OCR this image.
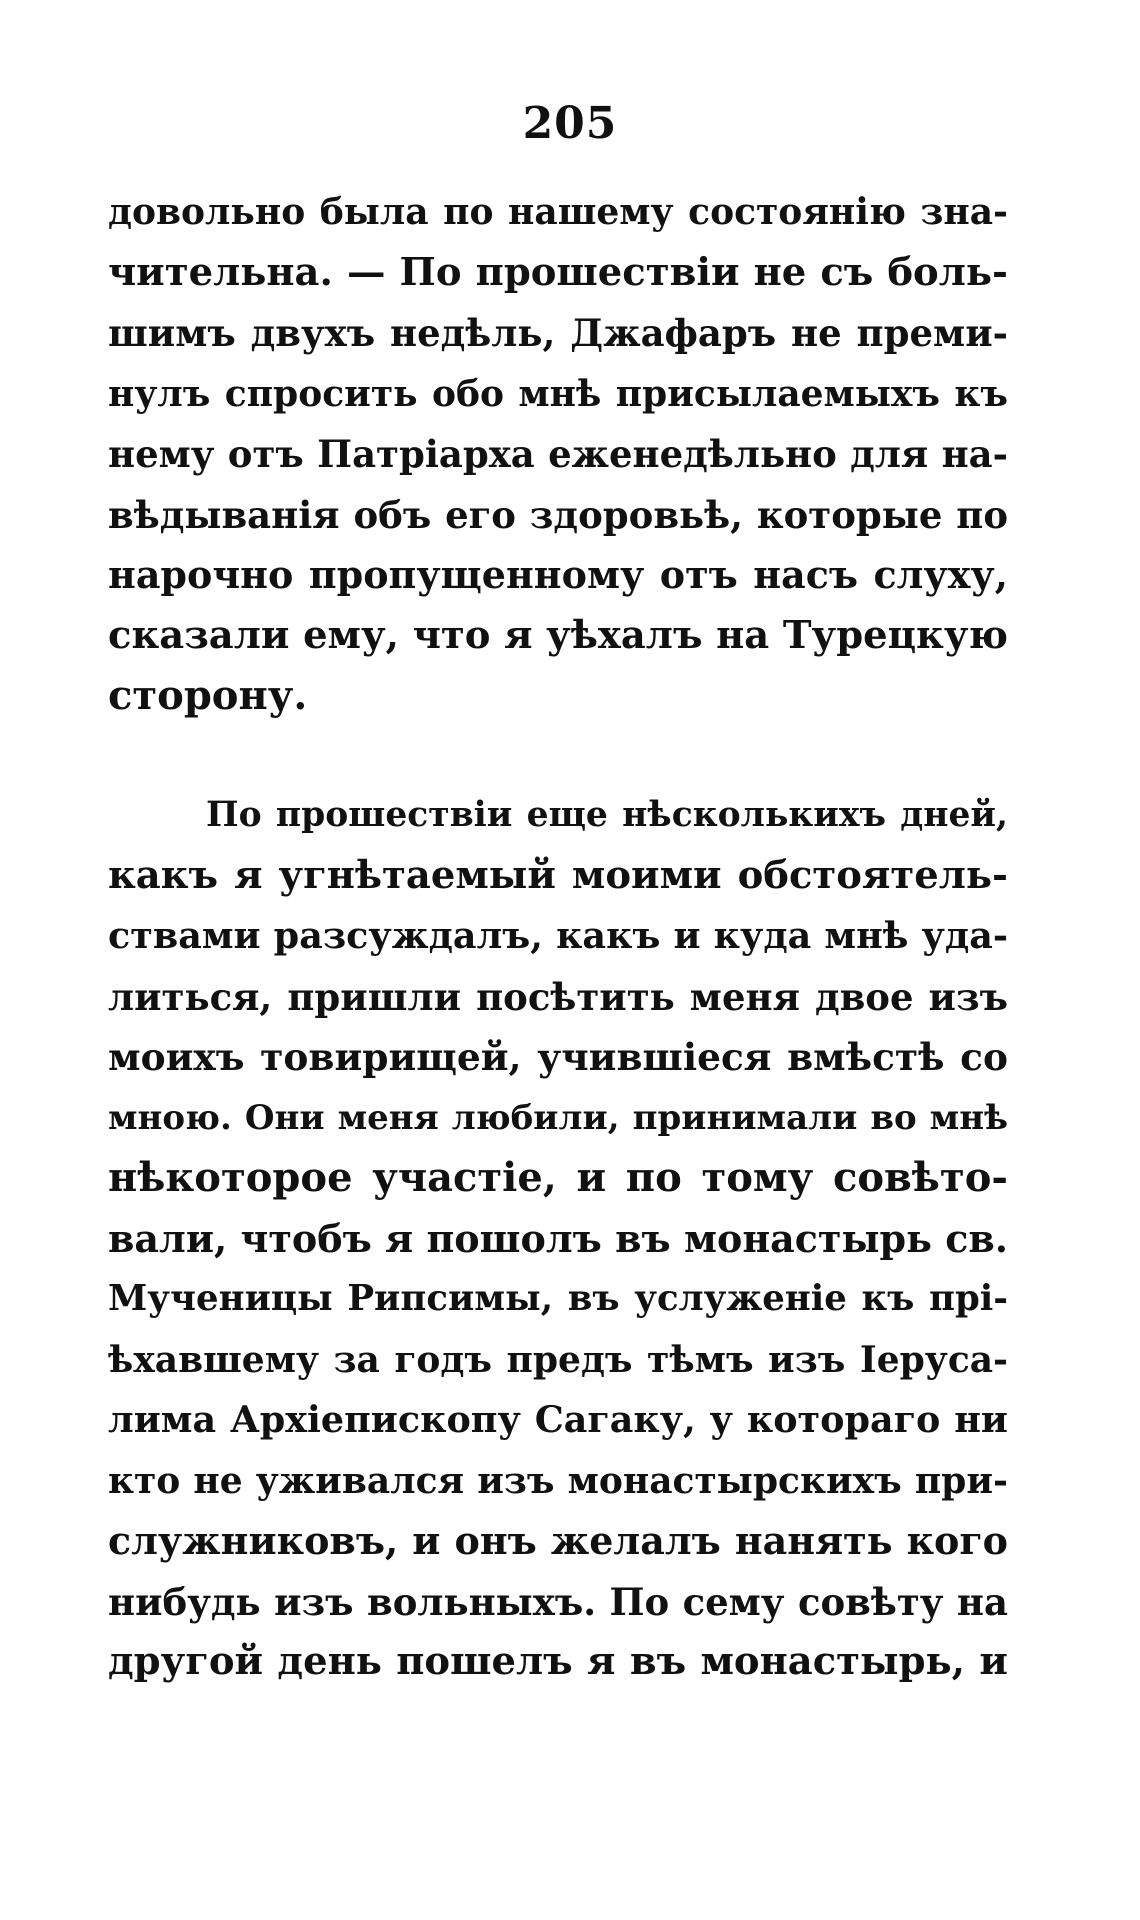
205
довольно была по нашему состоянію зна-
чительна. — По прошествіи не съ боль-
шимъ двухъ недѣль, Джафаръ не преми-
нулъ спросить обо мнѣ присылаемыхъ къ
нему отъ Патріарха еженедѣльно для на-
вѣдыванія объ его здоровьѣ, которые по
нарочно пропущенному отъ насъ слуху,
сказали ему, что я уѣхалъ на Турецкую
сторону.
По прошествіи еще нѣсколькихъ дней,
какъ я угнѣтаемый моими обстоятель-
ствами разсуждалъ, какъ и куда мнѣ уда-
литься, пришли посѣтить меня двое изъ
моихъ товирищей, учившіеся вмѣстѣ со
мною. Они меня любили, принимали во мнѣ
нѣкоторое участіе, и по тому совѣто-
вали, чтобъ я пошолъ въ монастырь св.
Мученицы Рипсимы, въ услуженіе къ прі-
ѣхавшему за годъ предъ тѣмъ изъ Іеруса-
лима Архіепископу Сагаку, у котораго ни
кто не уживался изъ монастырскихъ при-
служниковъ, и онъ желалъ нанять кого
нибудь изъ вольныхъ. По сему совѣту на
другой день пошелъ я въ монастырь, и
